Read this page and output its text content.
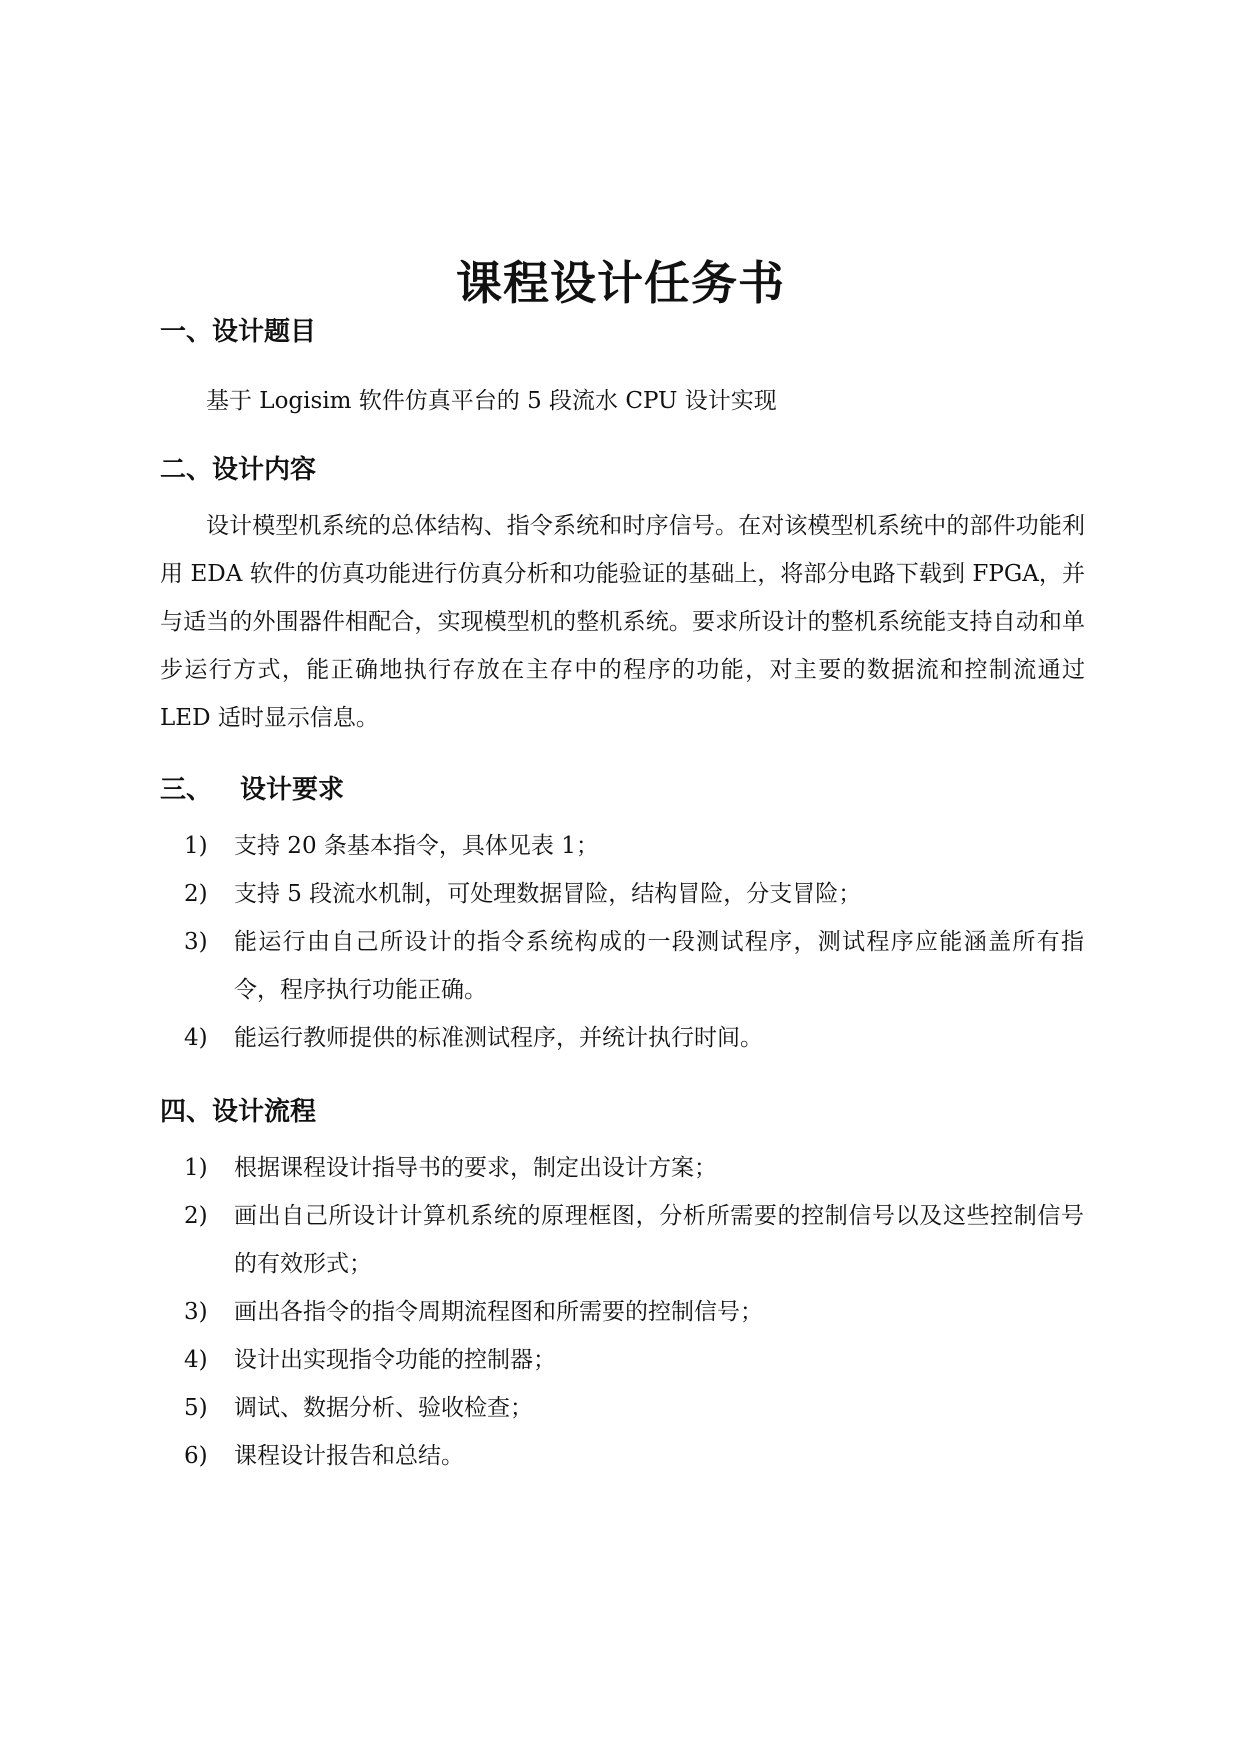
课程设计任务书
一、设计题目

基于 Logisim 软件仿真平台的 5 段流水 CPU 设计实现

二、设计内容

设计模型机系统的总体结构、指令系统和时序信号。在对该模型机系统中的部件功能利用 EDA 软件的仿真功能进行仿真分析和功能验证的基础上，将部分电路下载到 FPGA，并与适当的外围器件相配合，实现模型机的整机系统。要求所设计的整机系统能支持自动和单步运行方式，能正确地执行存放在主存中的程序的功能，对主要的数据流和控制流通过 LED 适时显示信息。

三、 设计要求
1) 支持 20 条基本指令，具体见表 1；
2) 支持 5 段流水机制，可处理数据冒险，结构冒险，分支冒险；
3) 能运行由自己所设计的指令系统构成的一段测试程序，测试程序应能涵盖所有指令，程序执行功能正确。
4) 能运行教师提供的标准测试程序，并统计执行时间。
四、设计流程
1) 根据课程设计指导书的要求，制定出设计方案；
2) 画出自己所设计计算机系统的原理框图，分析所需要的控制信号以及这些控制信号的有效形式；
3) 画出各指令的指令周期流程图和所需要的控制信号；
4) 设计出实现指令功能的控制器；
5) 调试、数据分析、验收检查；
6) 课程设计报告和总结。
